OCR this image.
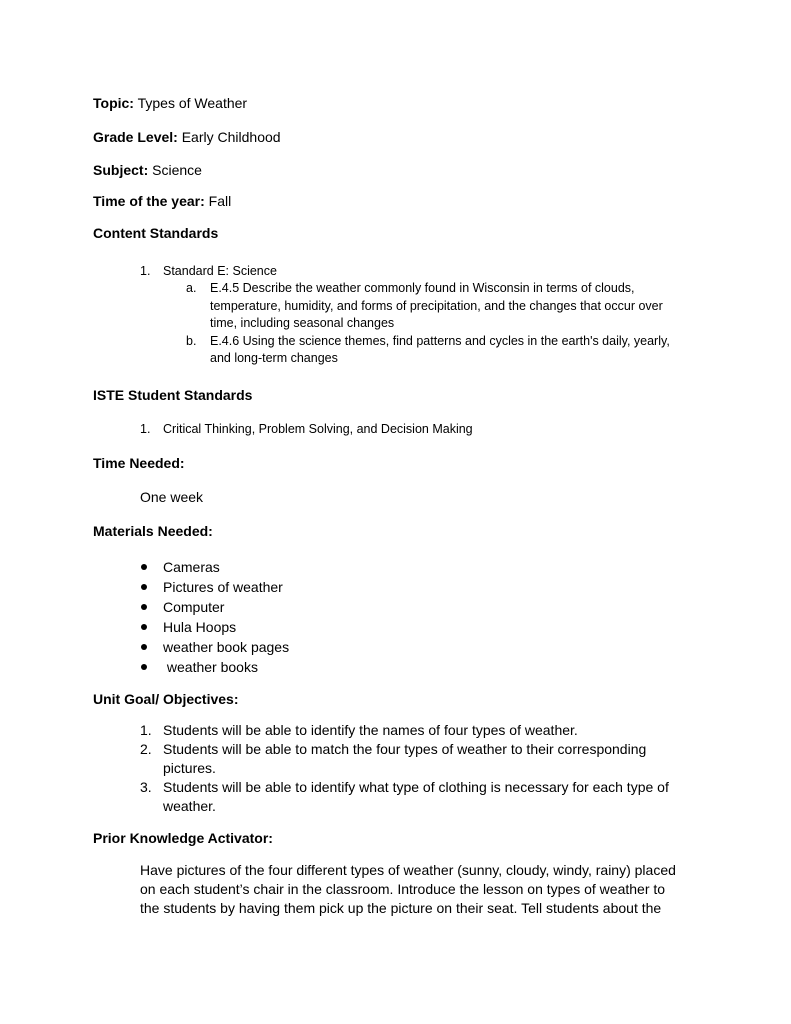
Topic: Types of Weather
Grade Level: Early Childhood
Subject: Science
Time of the year: Fall
Content Standards
1. Standard E: Science
a. E.4.5 Describe the weather commonly found in Wisconsin in terms of clouds,
temperature, humidity, and forms of precipitation, and the changes that occur over
time, including seasonal changes
b. E.4.6 Using the science themes, find patterns and cycles in the earth's daily, yearly,
and long-term changes
ISTE Student Standards
1. Critical Thinking, Problem Solving, and Decision Making
Time Needed:
One week
Materials Needed:
Cameras
Pictures of weather
Computer
Hula Hoops
weather book pages
weather books
Unit Goal/ Objectives:
1. Students will be able to identify the names of four types of weather.
2. Students will be able to match the four types of weather to their corresponding
pictures.
3. Students will be able to identify what type of clothing is necessary for each type of
weather.
Prior Knowledge Activator:
Have pictures of the four different types of weather (sunny, cloudy, windy, rainy) placed
on each student’s chair in the classroom. Introduce the lesson on types of weather to
the students by having them pick up the picture on their seat. Tell students about the
